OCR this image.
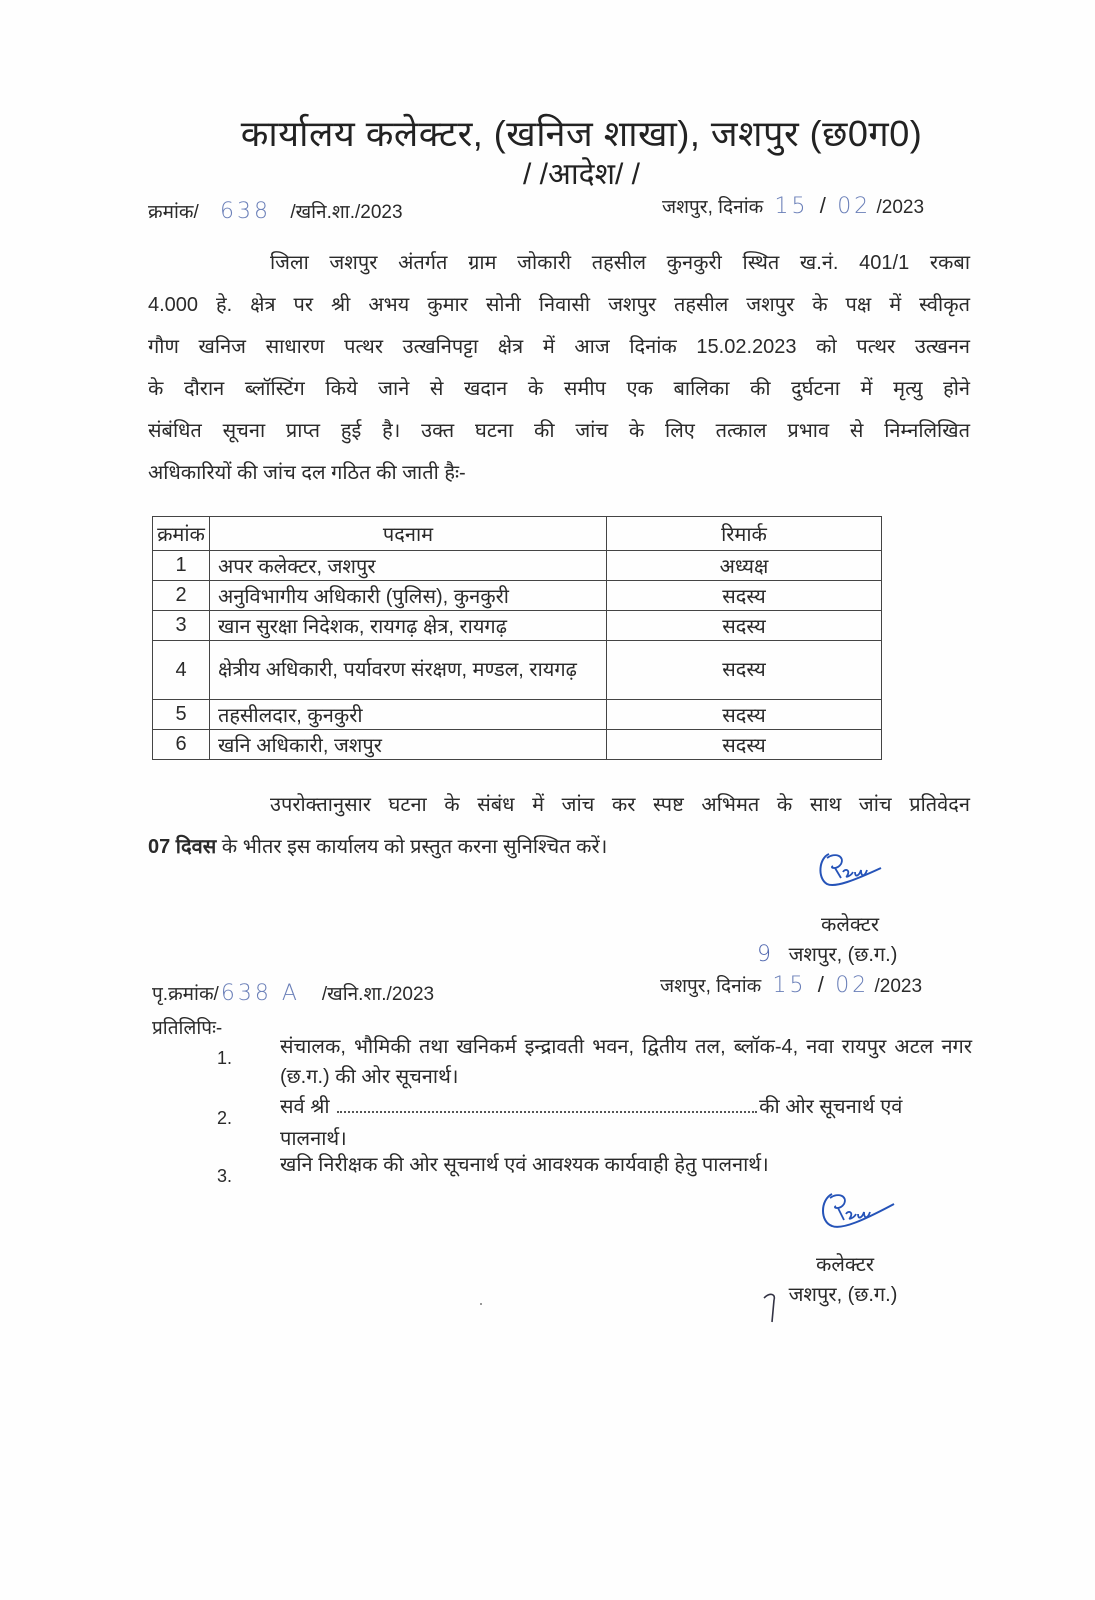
कार्यालय कलेक्टर, (खनिज शाखा), जशपुर (छ0ग0)
/ /आदेश/ /
क्रमांक/ 638 /खनि.शा./2023	जशपुर, दिनांक 15 / 02 /2023
जिला जशपुर अंतर्गत ग्राम जोकारी तहसील कुनकुरी स्थित ख.नं. 401/1 रकबा
4.000 हे. क्षेत्र पर श्री अभय कुमार सोनी निवासी जशपुर तहसील जशपुर के पक्ष में स्वीकृत
गौण खनिज साधारण पत्थर उत्खनिपट्टा क्षेत्र में आज दिनांक 15.02.2023 को पत्थर उत्खनन
के दौरान ब्लॉस्टिंग किये जाने से खदान के समीप एक बालिका की दुर्घटना में मृत्यु होने
संबंधित सूचना प्राप्त हुई है। उक्त घटना की जांच के लिए तत्काल प्रभाव से निम्नलिखित
अधिकारियों की जांच दल गठित की जाती हैः-
क्रमांक	पदनाम	रिमार्क
1	अपर कलेक्टर, जशपुर	अध्यक्ष
2	अनुविभागीय अधिकारी (पुलिस), कुनकुरी	सदस्य
3	खान सुरक्षा निदेशक, रायगढ़ क्षेत्र, रायगढ़	सदस्य
4	क्षेत्रीय अधिकारी, पर्यावरण संरक्षण, मण्डल, रायगढ़	सदस्य
5	तहसीलदार, कुनकुरी	सदस्य
6	खनि अधिकारी, जशपुर	सदस्य
उपरोक्तानुसार घटना के संबंध में जांच कर स्पष्ट अभिमत के साथ जांच प्रतिवेदन
07 दिवस के भीतर इस कार्यालय को प्रस्तुत करना सुनिश्चित करें।
कलेक्टर
9 जशपुर, (छ.ग.)
पृ.क्रमांक/638 A /खनि.शा./2023	जशपुर, दिनांक 15 / 02 /2023
प्रतिलिपिः-
1. संचालक, भौमिकी तथा खनिकर्म इन्द्रावती भवन, द्वितीय तल, ब्लॉक-4, नवा रायपुर अटल नगर (छ.ग.) की ओर सूचनार्थ।
2. सर्व श्री	की ओर सूचनार्थ एवं
पालनार्थ।
3. खनि निरीक्षक की ओर सूचनार्थ एवं आवश्यक कार्यवाही हेतु पालनार्थ।
कलेक्टर
जशपुर, (छ.ग.)
